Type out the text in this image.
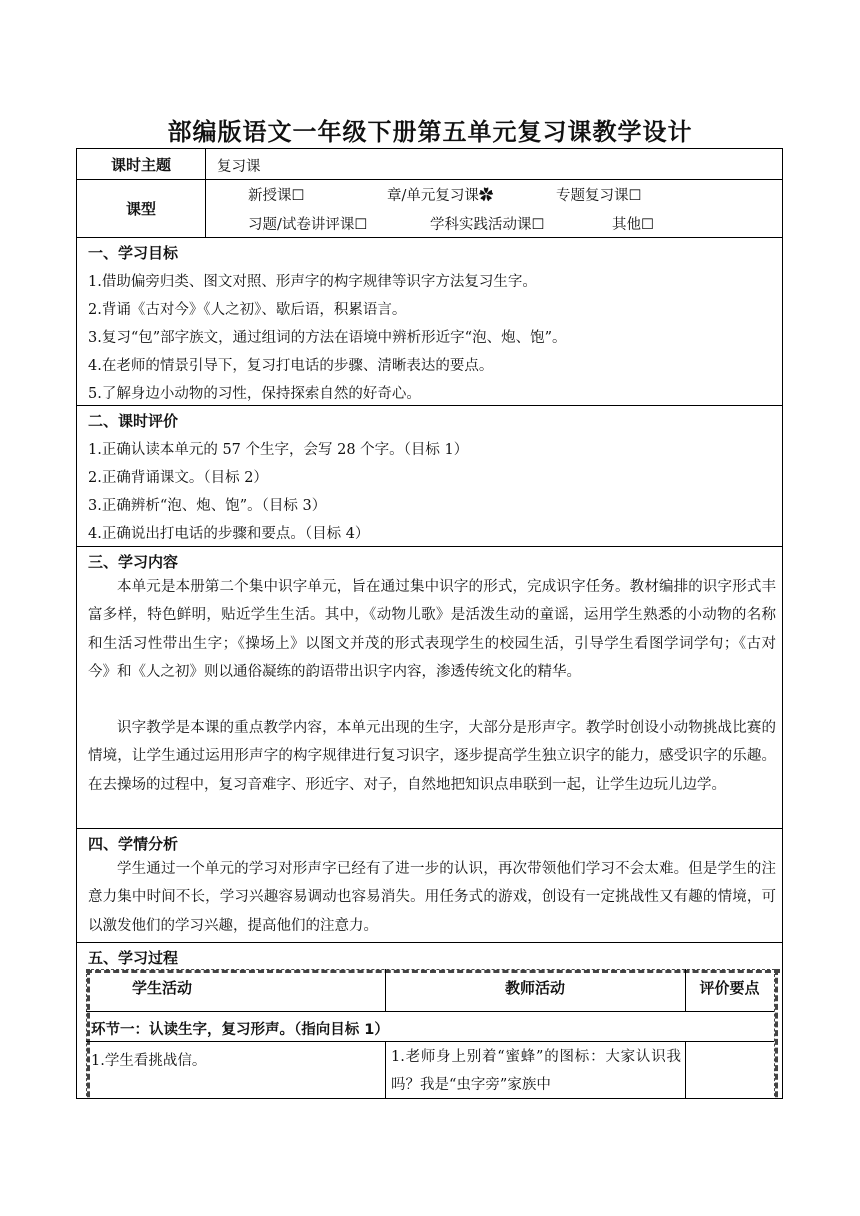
部编版语文一年级下册第五单元复习课教学设计
课时主题	复习课
课型
新授课☐	章/单元复习课✿	专题复习课☐
习题/试卷讲评课☐	学科实践活动课☐	其他☐
一、学习目标
1.借助偏旁归类、图文对照、形声字的构字规律等识字方法复习生字。
2.背诵《古对今》《人之初》、歇后语，积累语言。
3.复习“包”部字族文，通过组词的方法在语境中辨析形近字“泡、炮、饱”。
4.在老师的情景引导下，复习打电话的步骤、清晰表达的要点。
5.了解身边小动物的习性，保持探索自然的好奇心。
二、课时评价
1.正确认读本单元的 57 个生字，会写 28 个字。（目标 1）
2.正确背诵课文。（目标 2）
3.正确辨析“泡、炮、饱”。（目标 3）
4.正确说出打电话的步骤和要点。（目标 4）
三、学习内容
本单元是本册第二个集中识字单元，旨在通过集中识字的形式，完成识字任务。教材编排的识字形式丰富多样，特色鲜明，贴近学生生活。其中，《动物儿歌》是活泼生动的童谣，运用学生熟悉的小动物的名称和生活习性带出生字；《操场上》以图文并茂的形式表现学生的校园生活，引导学生看图学词学句；《古对今》和《人之初》则以通俗凝练的韵语带出识字内容，渗透传统文化的精华。
识字教学是本课的重点教学内容，本单元出现的生字，大部分是形声字。教学时创设小动物挑战比赛的情境，让学生通过运用形声字的构字规律进行复习识字，逐步提高学生独立识字的能力，感受识字的乐趣。在去操场的过程中，复习音难字、形近字、对子，自然地把知识点串联到一起，让学生边玩儿边学。
四、学情分析
学生通过一个单元的学习对形声字已经有了进一步的认识，再次带领他们学习不会太难。但是学生的注意力集中时间不长，学习兴趣容易调动也容易消失。用任务式的游戏，创设有一定挑战性又有趣的情境，可以激发他们的学习兴趣，提高他们的注意力。
五、学习过程
学生活动	教师活动	评价要点
环节一：认读生字，复习形声。（指向目标 1）
1.学生看挑战信。	1.老师身上别着“蜜蜂”的图标：大家认识我吗？我是“虫字旁”家族中
